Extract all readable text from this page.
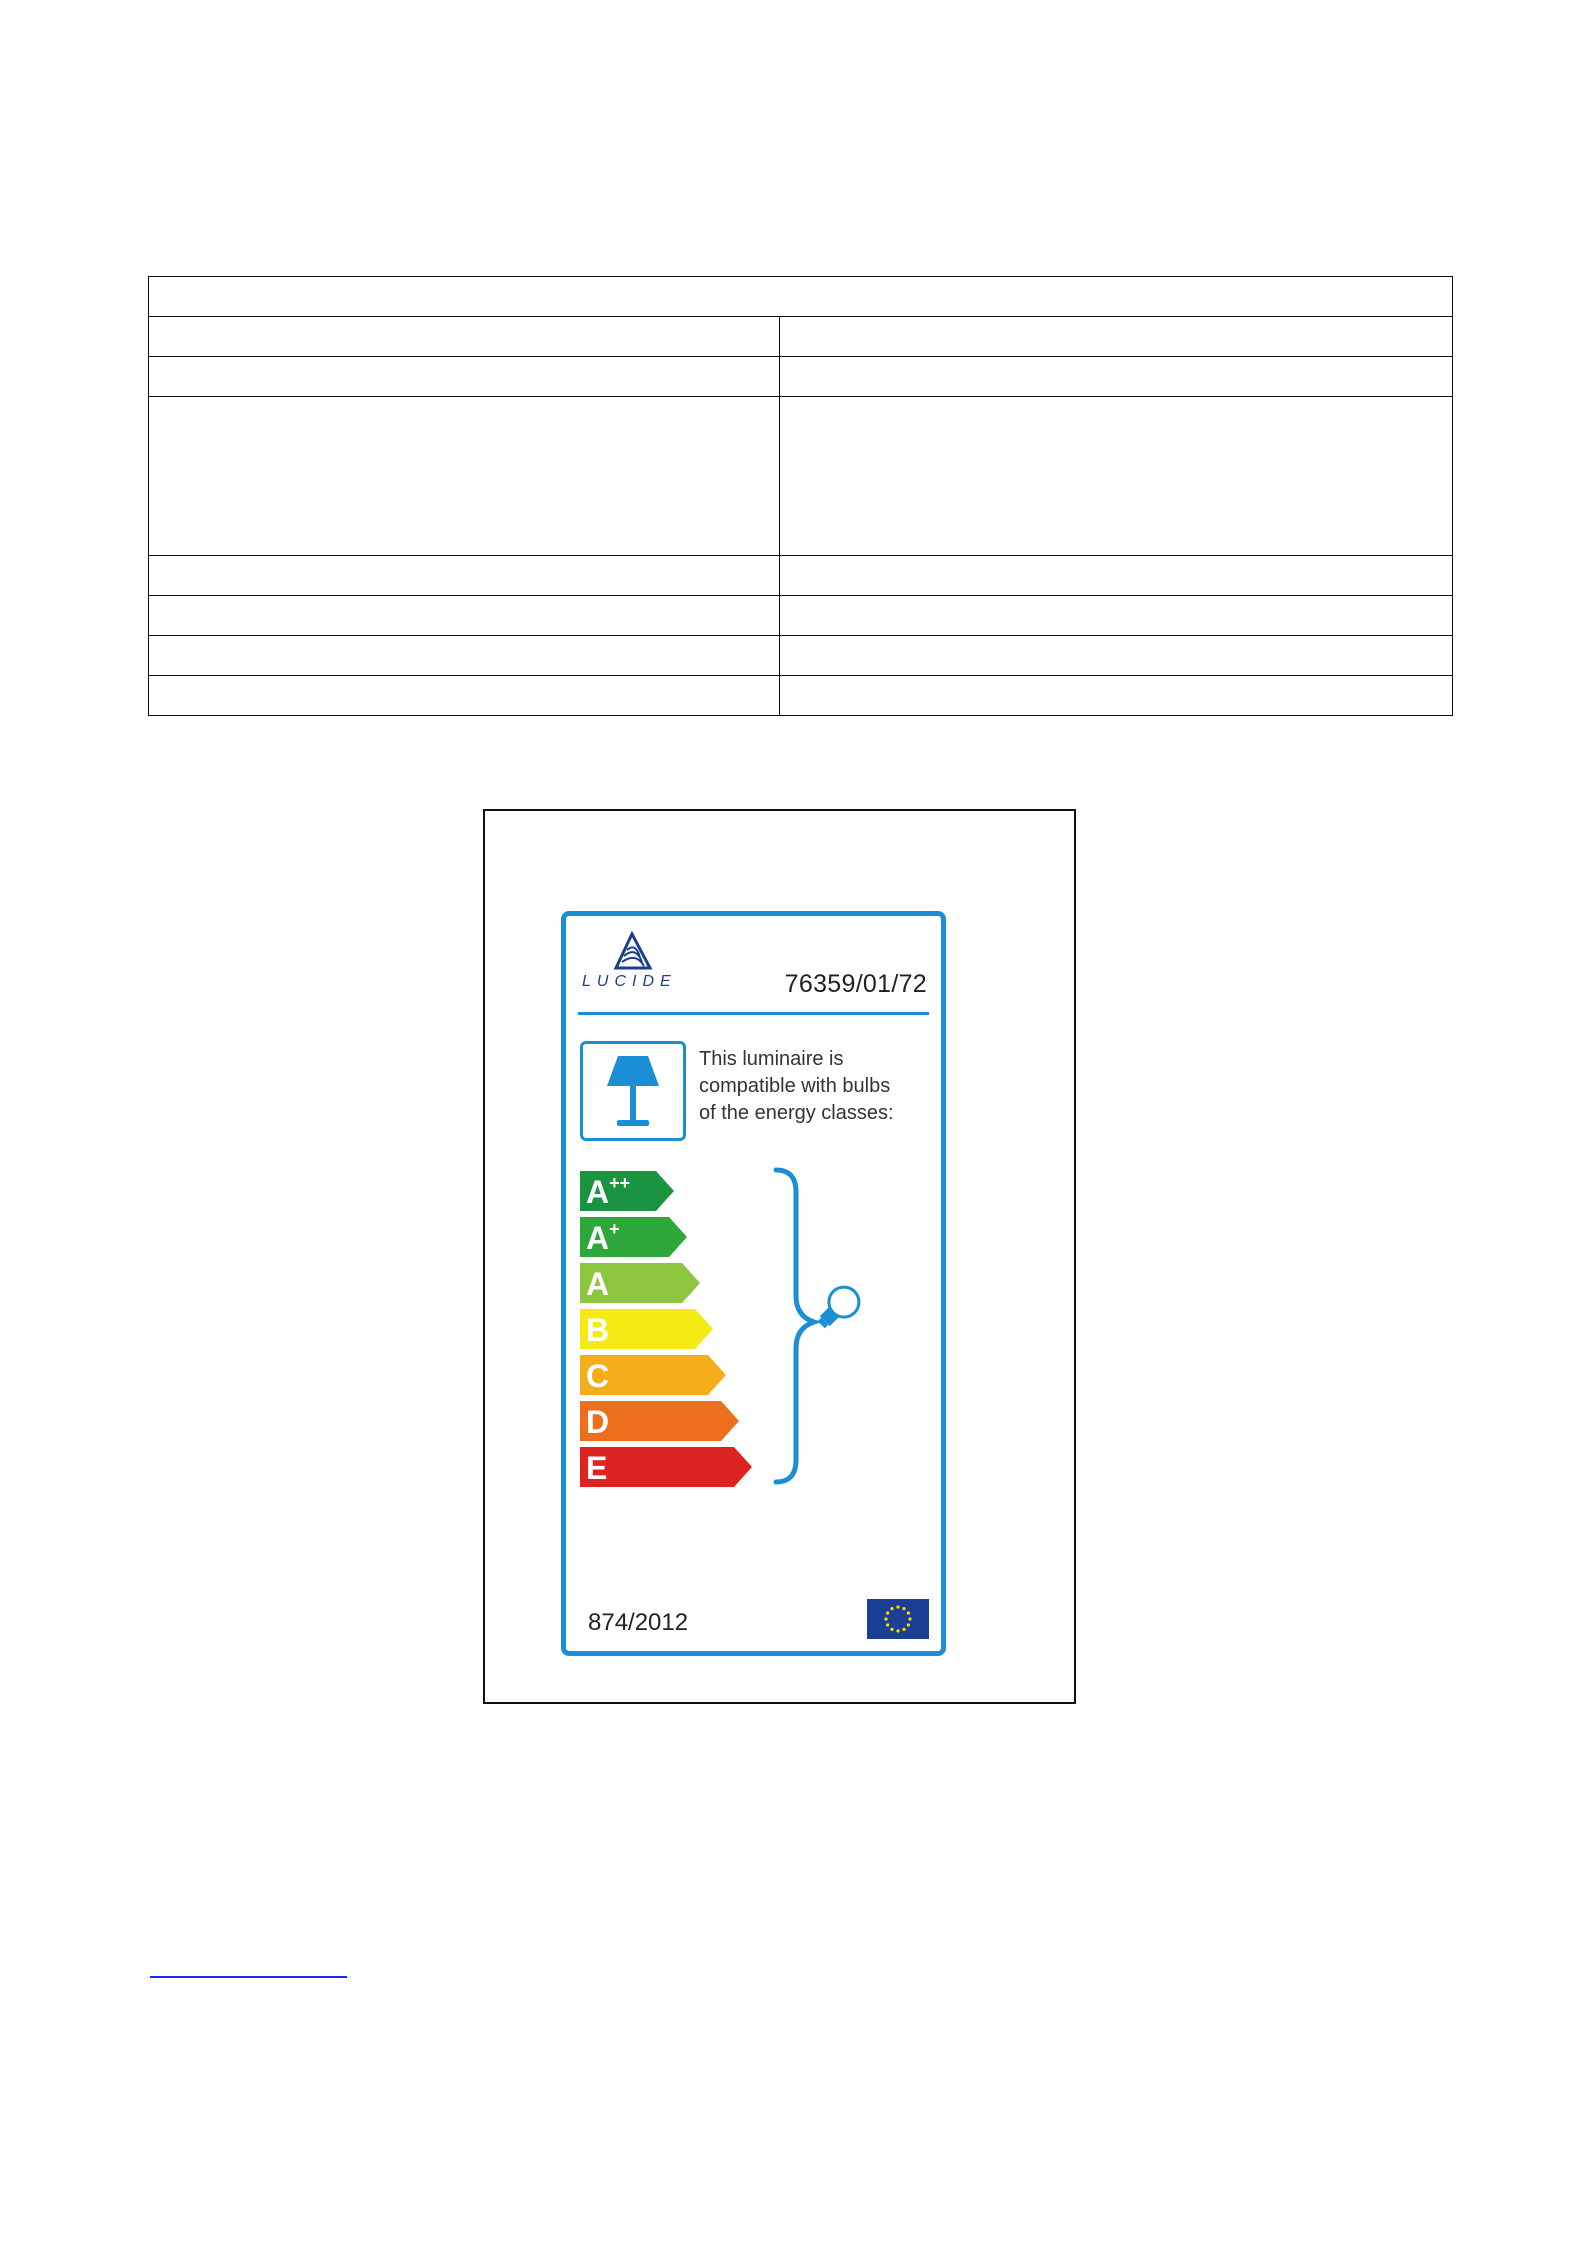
LUCIDE	76359/01/72
This luminaire is
compatible with bulbs
of the energy classes:
A++
A+
A
B
C
D
E
874/2012
